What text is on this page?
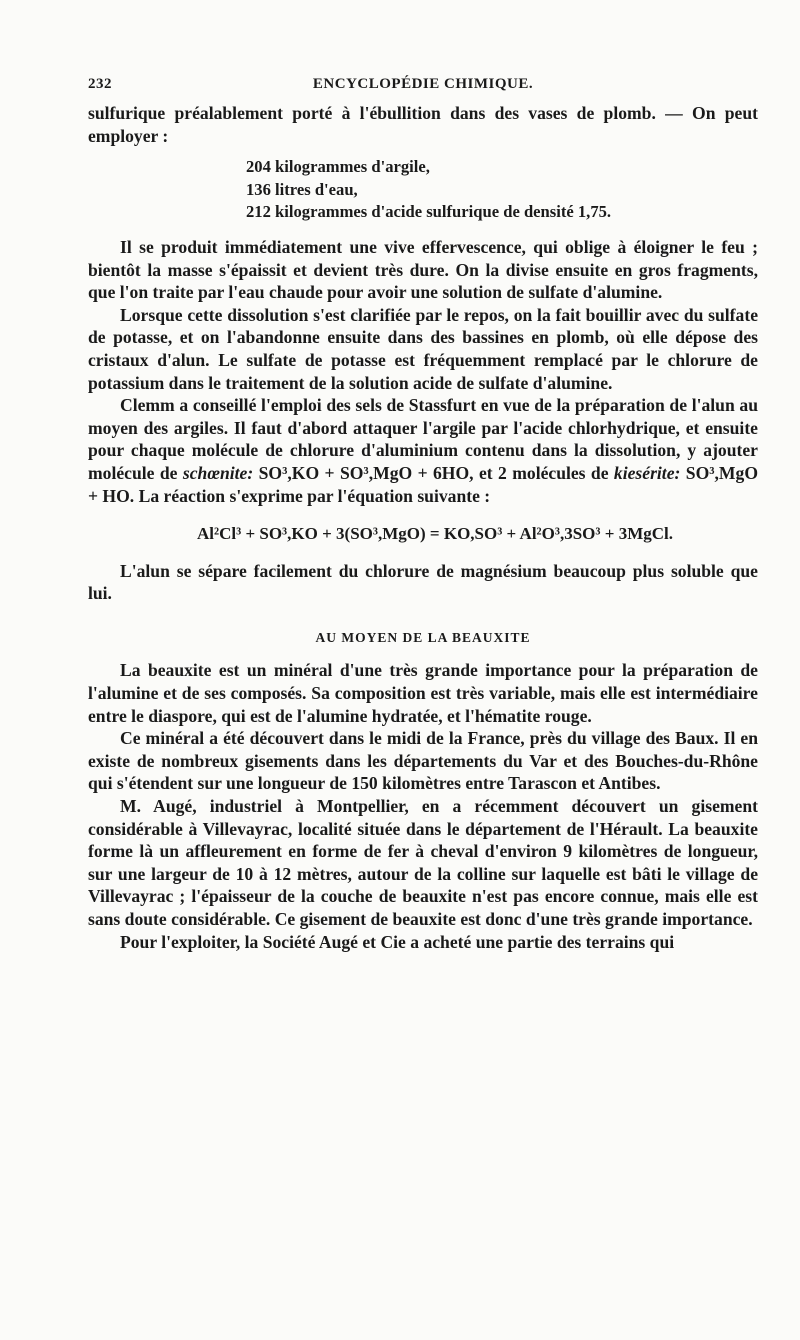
232	ENCYCLOPÉDIE CHIMIQUE.

sulfurique préalablement porté à l'ébullition dans des vases de plomb. — On peut employer :

204 kilogrammes d'argile,
136 litres d'eau,
212 kilogrammes d'acide sulfurique de densité 1,75.

Il se produit immédiatement une vive effervescence, qui oblige à éloigner le feu ; bientôt la masse s'épaissit et devient très dure. On la divise ensuite en gros fragments, que l'on traite par l'eau chaude pour avoir une solution de sulfate d'alumine.

Lorsque cette dissolution s'est clarifiée par le repos, on la fait bouillir avec du sulfate de potasse, et on l'abandonne ensuite dans des bassines en plomb, où elle dépose des cristaux d'alun. Le sulfate de potasse est fréquemment remplacé par le chlorure de potassium dans le traitement de la solution acide de sulfate d'alumine.

Clemm a conseillé l'emploi des sels de Stassfurt en vue de la préparation de l'alun au moyen des argiles. Il faut d'abord attaquer l'argile par l'acide chlorhydrique, et ensuite pour chaque molécule de chlorure d'aluminium contenu dans la dissolution, y ajouter molécule de schœnite: SO³,KO + SO³,MgO + 6HO, et 2 molécules de kiesérite: SO³,MgO + HO. La réaction s'exprime par l'équation suivante :

Al²Cl³ + SO³,KO + 3(SO³,MgO) = KO,SO³ + Al²O³,3SO³ + 3MgCl.

L'alun se sépare facilement du chlorure de magnésium beaucoup plus soluble que lui.

AU MOYEN DE LA BEAUXITE

La beauxite est un minéral d'une très grande importance pour la préparation de l'alumine et de ses composés. Sa composition est très variable, mais elle est intermédiaire entre le diaspore, qui est de l'alumine hydratée, et l'hématite rouge.

Ce minéral a été découvert dans le midi de la France, près du village des Baux. Il en existe de nombreux gisements dans les départements du Var et des Bouches-du-Rhône qui s'étendent sur une longueur de 150 kilomètres entre Tarascon et Antibes.

M. Augé, industriel à Montpellier, en a récemment découvert un gisement considérable à Villevayrac, localité située dans le département de l'Hérault. La beauxite forme là un affleurement en forme de fer à cheval d'environ 9 kilomètres de longueur, sur une largeur de 10 à 12 mètres, autour de la colline sur laquelle est bâti le village de Villevayrac ; l'épaisseur de la couche de beauxite n'est pas encore connue, mais elle est sans doute considérable. Ce gisement de beauxite est donc d'une très grande importance.

Pour l'exploiter, la Société Augé et Cie a acheté une partie des terrains qui
